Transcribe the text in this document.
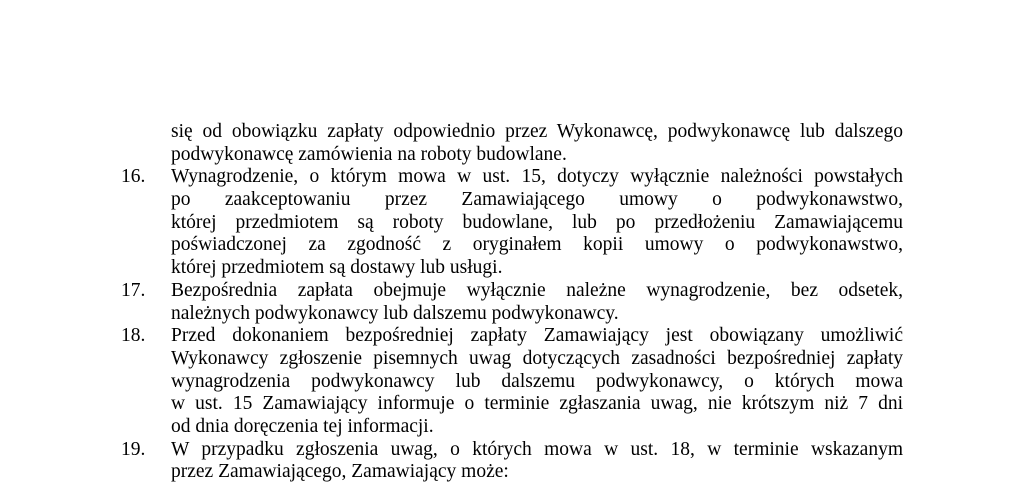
się od obowiązku zapłaty odpowiednio przez Wykonawcę, podwykonawcę lub dalszego
podwykonawcę zamówienia na roboty budowlane.
16.	Wynagrodzenie, o którym mowa w ust. 15, dotyczy wyłącznie należności powstałych
po zaakceptowaniu przez Zamawiającego umowy o podwykonawstwo,
której przedmiotem są roboty budowlane, lub po przedłożeniu Zamawiającemu
poświadczonej za zgodność z oryginałem kopii umowy o podwykonawstwo,
której przedmiotem są dostawy lub usługi.
17.	Bezpośrednia zapłata obejmuje wyłącznie należne wynagrodzenie, bez odsetek,
należnych podwykonawcy lub dalszemu podwykonawcy.
18.	Przed dokonaniem bezpośredniej zapłaty Zamawiający jest obowiązany umożliwić
Wykonawcy zgłoszenie pisemnych uwag dotyczących zasadności bezpośredniej zapłaty
wynagrodzenia podwykonawcy lub dalszemu podwykonawcy, o których mowa
w ust. 15 Zamawiający informuje o terminie zgłaszania uwag, nie krótszym niż 7 dni
od dnia doręczenia tej informacji.
19.	W przypadku zgłoszenia uwag, o których mowa w ust. 18, w terminie wskazanym
przez Zamawiającego, Zamawiający może:
